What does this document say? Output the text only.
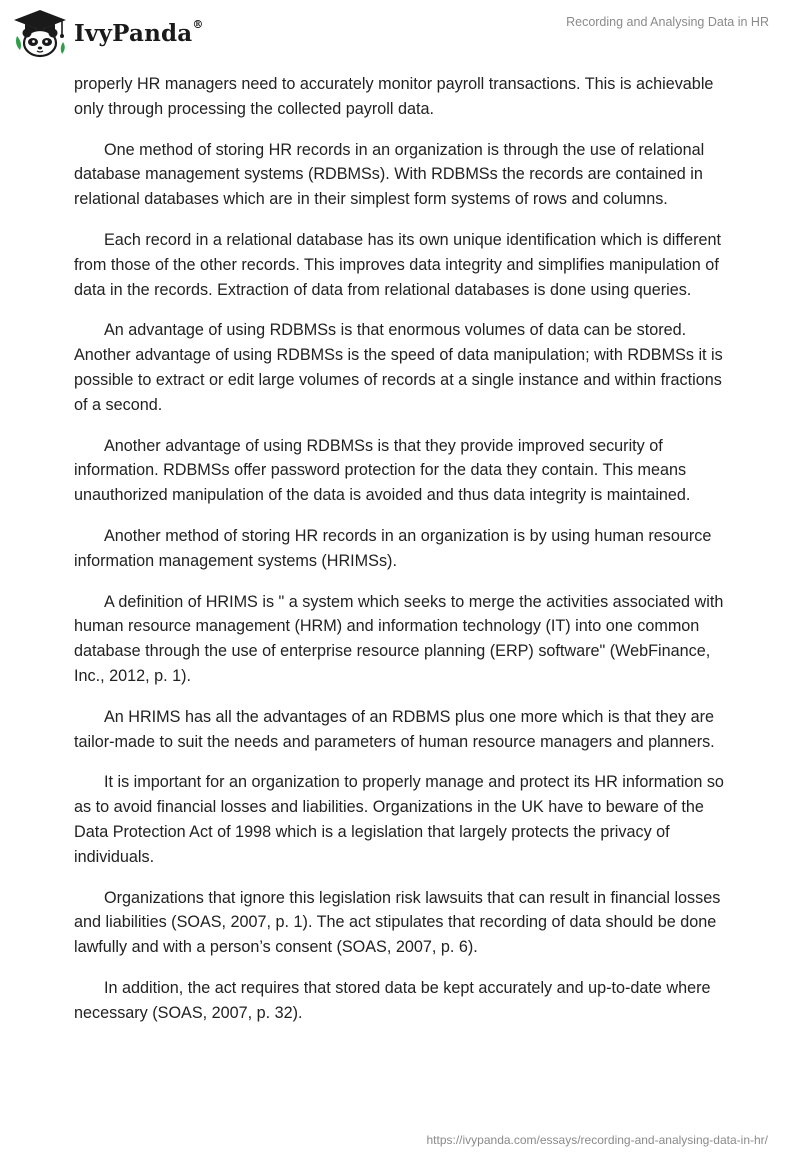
IvyPanda®	Recording and Analysing Data in HR

properly HR managers need to accurately monitor payroll transactions. This is achievable only through processing the collected payroll data.

One method of storing HR records in an organization is through the use of relational database management systems (RDBMSs). With RDBMSs the records are contained in relational databases which are in their simplest form systems of rows and columns.

Each record in a relational database has its own unique identification which is different from those of the other records. This improves data integrity and simplifies manipulation of data in the records. Extraction of data from relational databases is done using queries.

An advantage of using RDBMSs is that enormous volumes of data can be stored. Another advantage of using RDBMSs is the speed of data manipulation; with RDBMSs it is possible to extract or edit large volumes of records at a single instance and within fractions of a second.

Another advantage of using RDBMSs is that they provide improved security of information. RDBMSs offer password protection for the data they contain. This means unauthorized manipulation of the data is avoided and thus data integrity is maintained.

Another method of storing HR records in an organization is by using human resource information management systems (HRIMSs).

A definition of HRIMS is " a system which seeks to merge the activities associated with human resource management (HRM) and information technology (IT) into one common database through the use of enterprise resource planning (ERP) software" (WebFinance, Inc., 2012, p. 1).

An HRIMS has all the advantages of an RDBMS plus one more which is that they are tailor-made to suit the needs and parameters of human resource managers and planners.

It is important for an organization to properly manage and protect its HR information so as to avoid financial losses and liabilities. Organizations in the UK have to beware of the Data Protection Act of 1998 which is a legislation that largely protects the privacy of individuals.

Organizations that ignore this legislation risk lawsuits that can result in financial losses and liabilities (SOAS, 2007, p. 1). The act stipulates that recording of data should be done lawfully and with a person’s consent (SOAS, 2007, p. 6).

In addition, the act requires that stored data be kept accurately and up-to-date where necessary (SOAS, 2007, p. 32).

https://ivypanda.com/essays/recording-and-analysing-data-in-hr/
